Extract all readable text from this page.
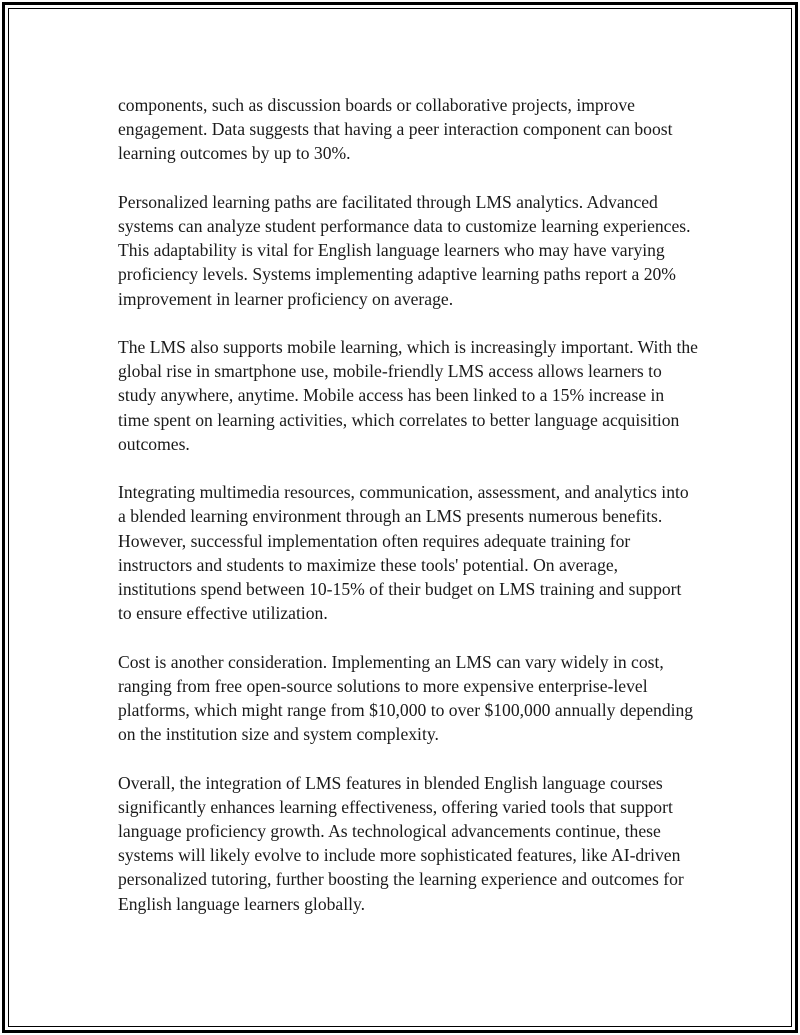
components, such as discussion boards or collaborative projects, improve engagement. Data suggests that having a peer interaction component can boost learning outcomes by up to 30%.

Personalized learning paths are facilitated through LMS analytics. Advanced systems can analyze student performance data to customize learning experiences. This adaptability is vital for English language learners who may have varying proficiency levels. Systems implementing adaptive learning paths report a 20% improvement in learner proficiency on average.

The LMS also supports mobile learning, which is increasingly important. With the global rise in smartphone use, mobile-friendly LMS access allows learners to study anywhere, anytime. Mobile access has been linked to a 15% increase in time spent on learning activities, which correlates to better language acquisition outcomes.

Integrating multimedia resources, communication, assessment, and analytics into a blended learning environment through an LMS presents numerous benefits. However, successful implementation often requires adequate training for instructors and students to maximize these tools' potential. On average, institutions spend between 10-15% of their budget on LMS training and support to ensure effective utilization.

Cost is another consideration. Implementing an LMS can vary widely in cost, ranging from free open-source solutions to more expensive enterprise-level platforms, which might range from $10,000 to over $100,000 annually depending on the institution size and system complexity.

Overall, the integration of LMS features in blended English language courses significantly enhances learning effectiveness, offering varied tools that support language proficiency growth. As technological advancements continue, these systems will likely evolve to include more sophisticated features, like AI-driven personalized tutoring, further boosting the learning experience and outcomes for English language learners globally.
